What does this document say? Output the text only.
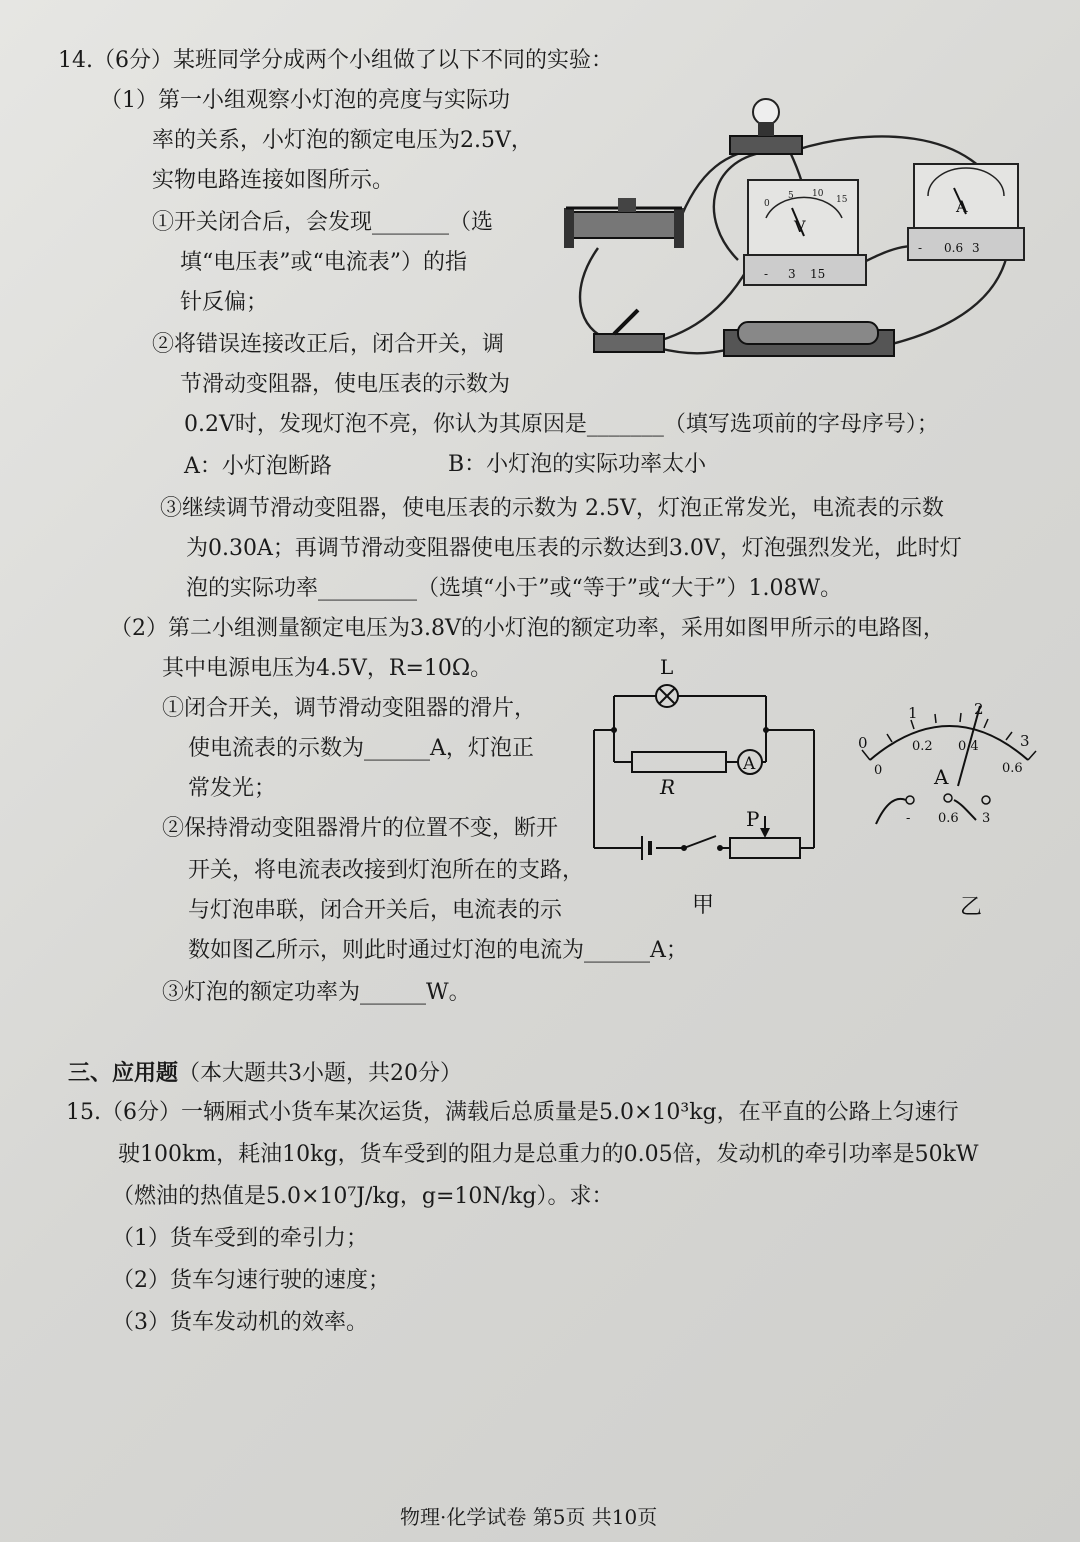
14.（6分）某班同学分成两个小组做了以下不同的实验：
（1）第一小组观察小灯泡的亮度与实际功
率的关系，小灯泡的额定电压为2.5V，
实物电路连接如图所示。
①开关闭合后，会发现_______（选
填“电压表”或“电流表”）的指
针反偏；
②将错误连接改正后，闭合开关，调
节滑动变阻器，使电压表的示数为
0.2V时，发现灯泡不亮，你认为其原因是_______（填写选项前的字母序号）；
A：小灯泡断路	B：小灯泡的实际功率太小
③继续调节滑动变阻器，使电压表的示数为 2.5V，灯泡正常发光，电流表的示数
为0.30A；再调节滑动变阻器使电压表的示数达到3.0V，灯泡强烈发光，此时灯
泡的实际功率_________（选填“小于”或“等于”或“大于”）1.08W。
（2）第二小组测量额定电压为3.8V的小灯泡的额定功率，采用如图甲所示的电路图，
其中电源电压为4.5V，R=10Ω。
①闭合开关，调节滑动变阻器的滑片，
使电流表的示数为______A，灯泡正
常发光；
②保持滑动变阻器滑片的位置不变，断开
开关，将电流表改接到灯泡所在的支路，
与灯泡串联，闭合开关后，电流表的示
数如图乙所示，则此时通过灯泡的电流为______A；
③灯泡的额定功率为______W。
0
5 10
15
V
- 3 15
A
- 0.6 3
L
R
A
P
甲
0
1	2
3
0
0.2 0.4
0.6
A
- 0.6 3
乙
三、应用题（本大题共3小题，共20分）
15.（6分）一辆厢式小货车某次运货，满载后总质量是5.0×10³kg，在平直的公路上匀速行
驶100km，耗油10kg，货车受到的阻力是总重力的0.05倍，发动机的牵引功率是50kW
（燃油的热值是5.0×10⁷J/kg，g=10N/kg）。求：
（1）货车受到的牵引力；
（2）货车匀速行驶的速度；
（3）货车发动机的效率。
物理·化学试卷 第5页 共10页
